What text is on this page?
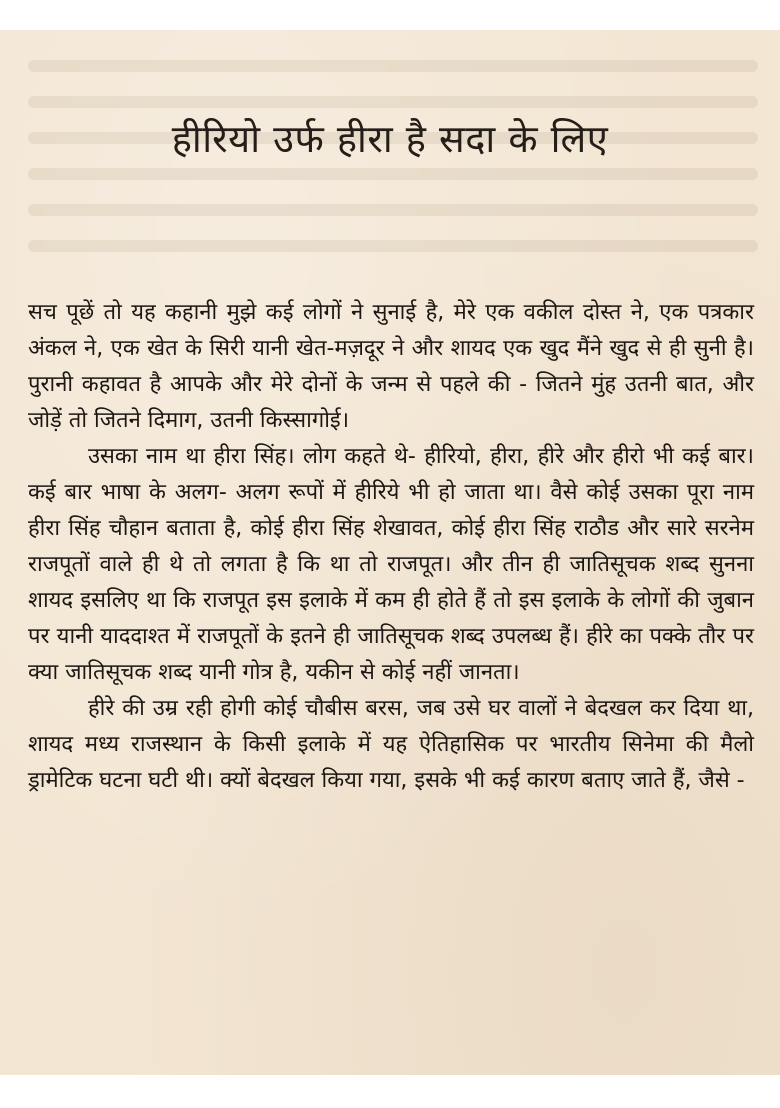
हीरियो उर्फ हीरा है सदा के लिए

सच पूछें तो यह कहानी मुझे कई लोगों ने सुनाई है, मेरे एक वकील दोस्त ने, एक पत्रकार अंकल ने, एक खेत के सिरी यानी खेत-मज़दूर ने और शायद एक खुद मैंने खुद से ही सुनी है। पुरानी कहावत है आपके और मेरे दोनों के जन्म से पहले की - जितने मुंह उतनी बात, और जोड़ें तो जितने दिमाग, उतनी किस्सागोई।

उसका नाम था हीरा सिंह। लोग कहते थे- हीरियो, हीरा, हीरे और हीरो भी कई बार। कई बार भाषा के अलग- अलग रूपों में हीरिये भी हो जाता था। वैसे कोई उसका पूरा नाम हीरा सिंह चौहान बताता है, कोई हीरा सिंह शेखावत, कोई हीरा सिंह राठौड और सारे सरनेम राजपूतों वाले ही थे तो लगता है कि था तो राजपूत। और तीन ही जातिसूचक शब्द सुनना शायद इसलिए था कि राजपूत इस इलाके में कम ही होते हैं तो इस इलाके के लोगों की जुबान पर यानी याददाश्त में राजपूतों के इतने ही जातिसूचक शब्द उपलब्ध हैं। हीरे का पक्के तौर पर क्या जातिसूचक शब्द यानी गोत्र है, यकीन से कोई नहीं जानता।

हीरे की उम्र रही होगी कोई चौबीस बरस, जब उसे घर वालों ने बेदखल कर दिया था, शायद मध्य राजस्थान के किसी इलाके में यह ऐतिहासिक पर भारतीय सिनेमा की मैलो ड्रामेटिक घटना घटी थी। क्यों बेदखल किया गया, इसके भी कई कारण बताए जाते हैं, जैसे -
